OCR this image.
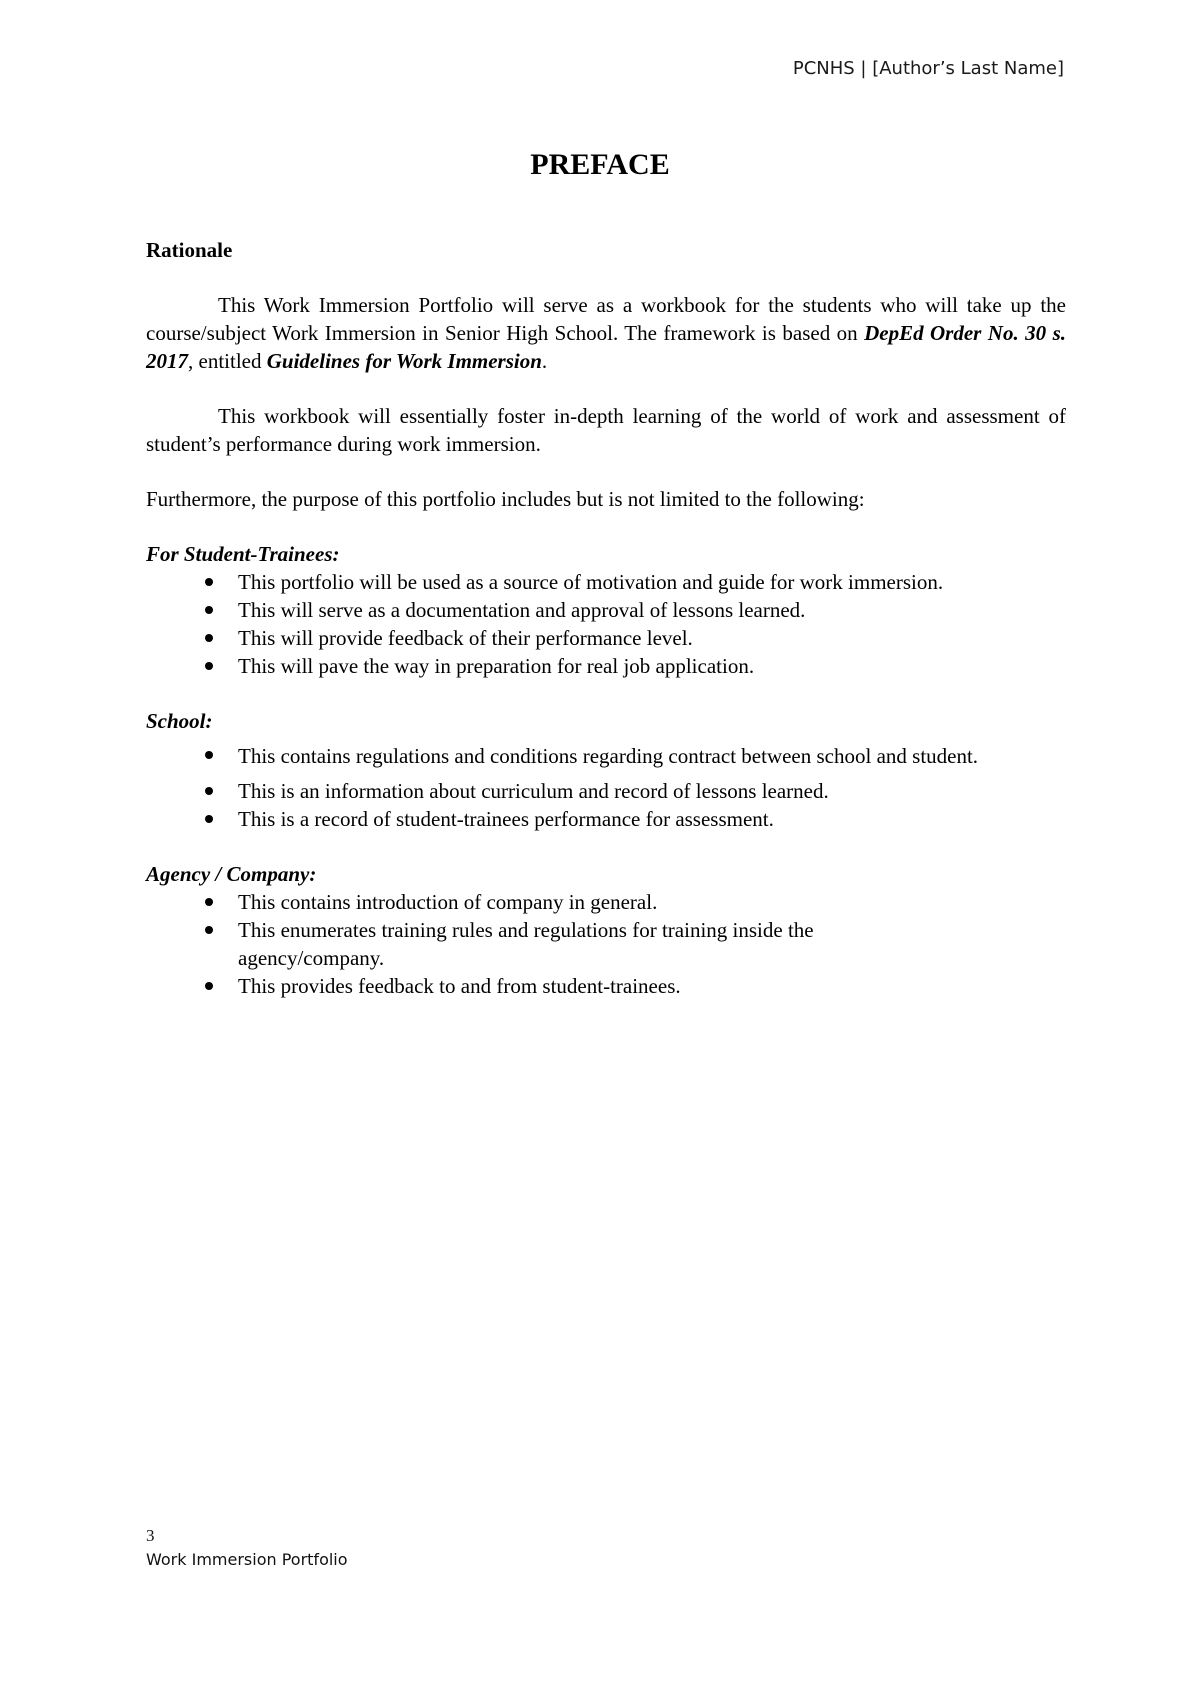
PCNHS | [Author’s Last Name]
PREFACE

Rationale

This Work Immersion Portfolio will serve as a workbook for the students who will take up the course/subject Work Immersion in Senior High School. The framework is based on DepEd Order No. 30 s. 2017, entitled Guidelines for Work Immersion.

This workbook will essentially foster in-depth learning of the world of work and assessment of student’s performance during work immersion.

Furthermore, the purpose of this portfolio includes but is not limited to the following:

For Student-Trainees:

This portfolio will be used as a source of motivation and guide for work immersion.
This will serve as a documentation and approval of lessons learned.
This will provide feedback of their performance level.
This will pave the way in preparation for real job application.

School:

This contains regulations and conditions regarding contract between school and student.
This is an information about curriculum and record of lessons learned.
This is a record of student-trainees performance for assessment.

Agency / Company:

This contains introduction of company in general.
This enumerates training rules and regulations for training inside the agency/company.
This provides feedback to and from student-trainees.
3
Work Immersion Portfolio
